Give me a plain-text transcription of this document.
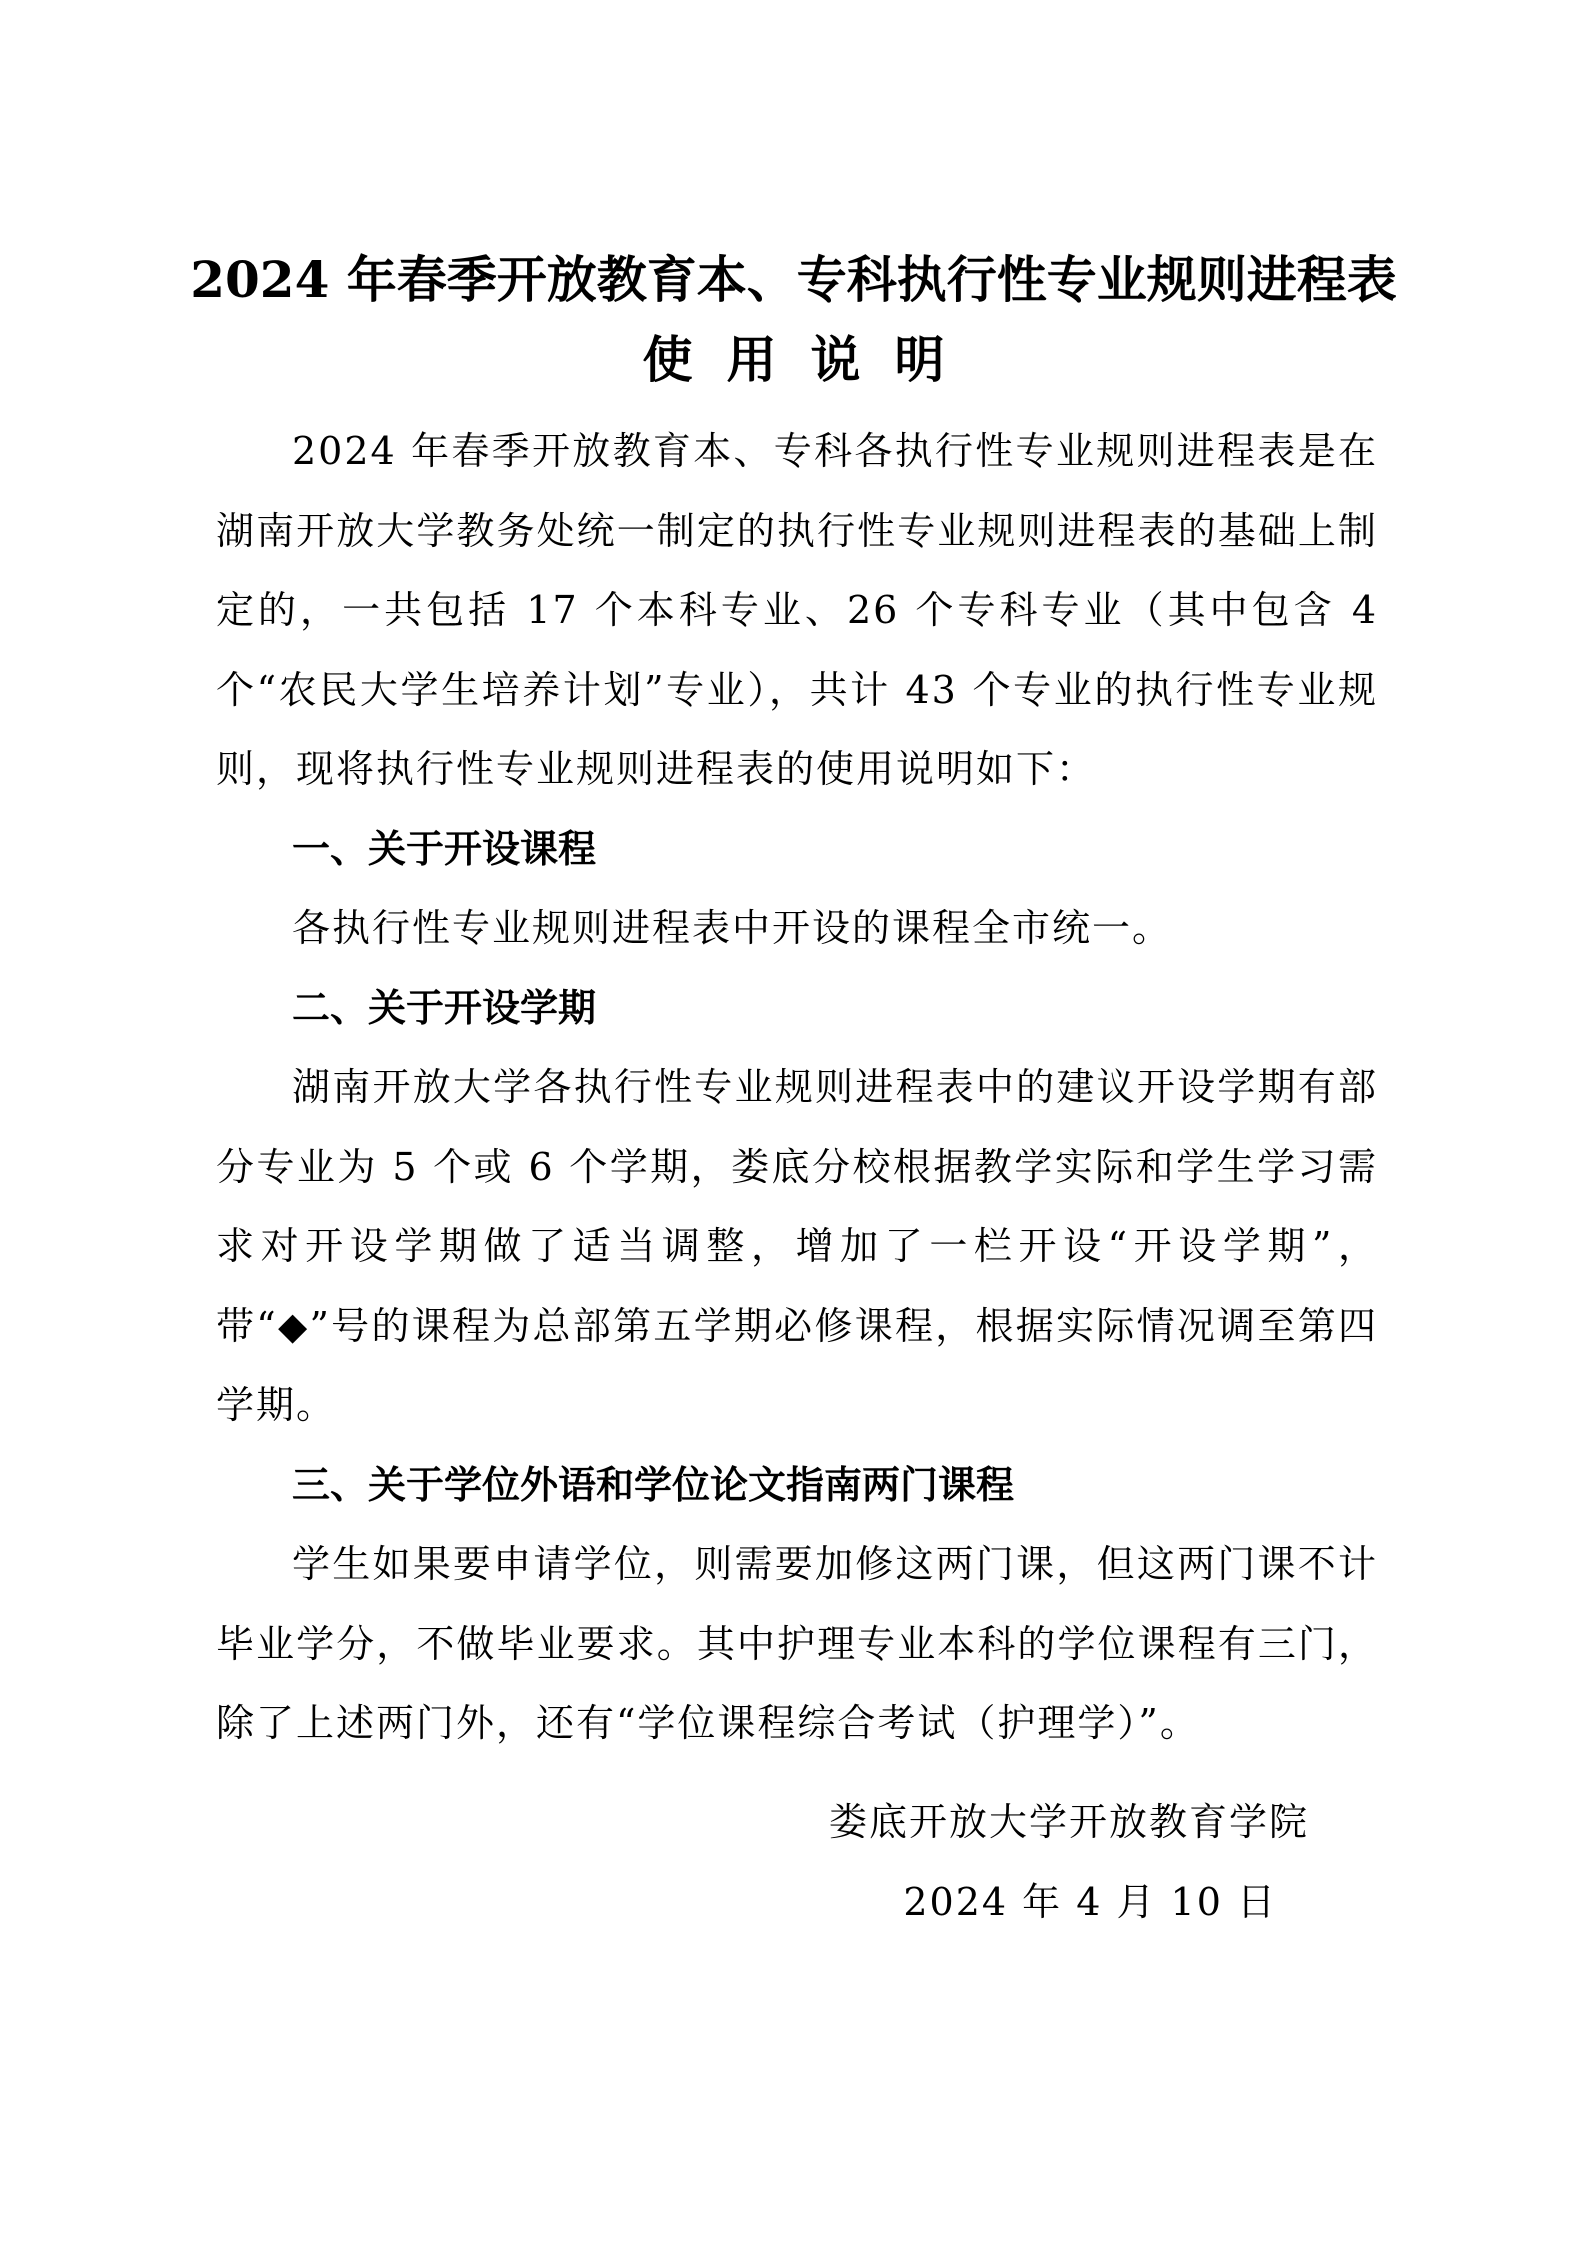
2024 年春季开放教育本、专科执行性专业规则进程表
使用说明

2024 年春季开放教育本、专科各执行性专业规则进程表是在湖南开放大学教务处统一制定的执行性专业规则进程表的基础上制定的，一共包括 17 个本科专业、26 个专科专业（其中包含 4 个“农民大学生培养计划”专业），共计 43 个专业的执行性专业规则，现将执行性专业规则进程表的使用说明如下：

一、关于开设课程

各执行性专业规则进程表中开设的课程全市统一。

二、关于开设学期

湖南开放大学各执行性专业规则进程表中的建议开设学期有部分专业为 5 个或 6 个学期，娄底分校根据教学实际和学生学习需求对开设学期做了适当调整，增加了一栏开设“开设学期”，带“◆”号的课程为总部第五学期必修课程，根据实际情况调至第四学期。

三、关于学位外语和学位论文指南两门课程

学生如果要申请学位，则需要加修这两门课，但这两门课不计毕业学分，不做毕业要求。其中护理专业本科的学位课程有三门，除了上述两门外，还有“学位课程综合考试（护理学）”。

娄底开放大学开放教育学院
2024 年 4 月 10 日
